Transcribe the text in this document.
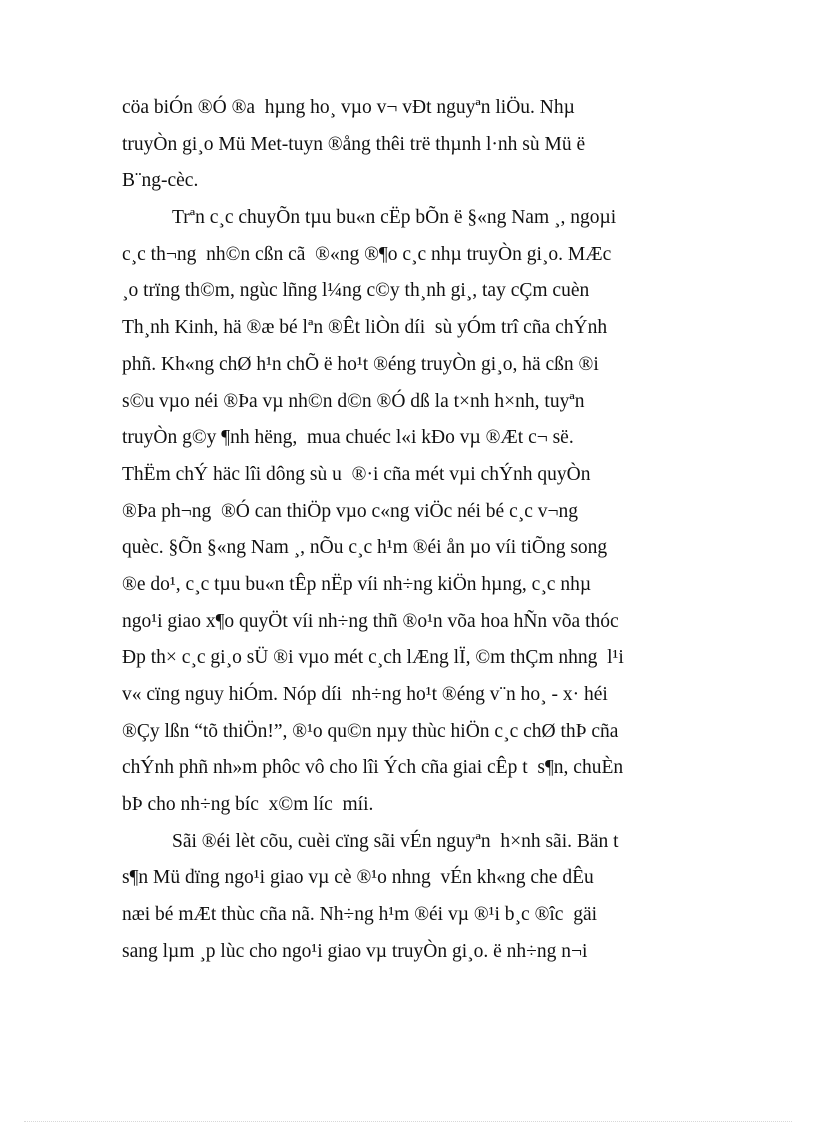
cöa biÓn ®Ó ®a  hµng ho¸ vµo v¬ vÐt nguyªn liÖu. Nhµ
truyÒn gi¸o Mü Met-tuyn ®ång thêi trë thµnh l·nh sù Mü ë
B¨ng-cèc.
Trªn c¸c chuyÕn tµu bu«n cËp bÕn ë §«ng Nam ¸, ngoµi
c¸c th¬ng  nh©n cßn cã  ®«ng ®¶o c¸c nhµ truyÒn gi¸o. MÆc
¸o trïng th©m, ngùc lñng l¼ng c©y th¸nh gi¸, tay cÇm cuèn
Th¸nh Kinh, hä ®æ bé lªn ®Êt liÒn díi  sù yÓm trî cña chÝnh
phñ. Kh«ng chØ h¹n chÕ ë ho¹t ®éng truyÒn gi¸o, hä cßn ®i
s©u vµo néi ®Þa vµ nh©n d©n ®Ó dß la t×nh h×nh, tuyªn
truyÒn g©y ¶nh hëng,  mua chuéc l«i kÐo vµ ®Æt c¬ së.
ThËm chÝ häc lîi dông sù u  ®·i cña mét vµi chÝnh quyÒn
®Þa ph¬ng  ®Ó can thiÖp vµo c«ng viÖc néi bé c¸c v¬ng
quèc. §Õn §«ng Nam ¸, nÕu c¸c h¹m ®éi ån µo víi tiÕng song
®e do¹, c¸c tµu bu«n tÊp nËp víi nh÷ng kiÖn hµng, c¸c nhµ
ngo¹i giao x¶o quyÖt víi nh÷ng thñ ®o¹n võa hoa hÑn võa thóc
Ðp th× c¸c gi¸o sÜ ®i vµo mét c¸ch lÆng lÏ, ©m thÇm nhng  l¹i
v« cïng nguy hiÓm. Nóp díi  nh÷ng ho¹t ®éng v¨n ho¸ - x· héi
®Çy lßn “tõ thiÖn!”, ®¹o qu©n nµy thùc hiÖn c¸c chØ thÞ cña
chÝnh phñ nh»m phôc vô cho lîi Ých cña giai cÊp t  s¶n, chuÈn
bÞ cho nh÷ng bíc  x©m líc  míi.
Sãi ®éi lèt cõu, cuèi cïng sãi vÉn nguyªn  h×nh sãi. Bän t
s¶n Mü dïng ngo¹i giao vµ cè ®¹o nhng  vÉn kh«ng che dÊu
næi bé mÆt thùc cña nã. Nh÷ng h¹m ®éi vµ ®¹i b¸c ®îc  gäi
sang lµm ¸p lùc cho ngo¹i giao vµ truyÒn gi¸o. ë nh÷ng n¬i
